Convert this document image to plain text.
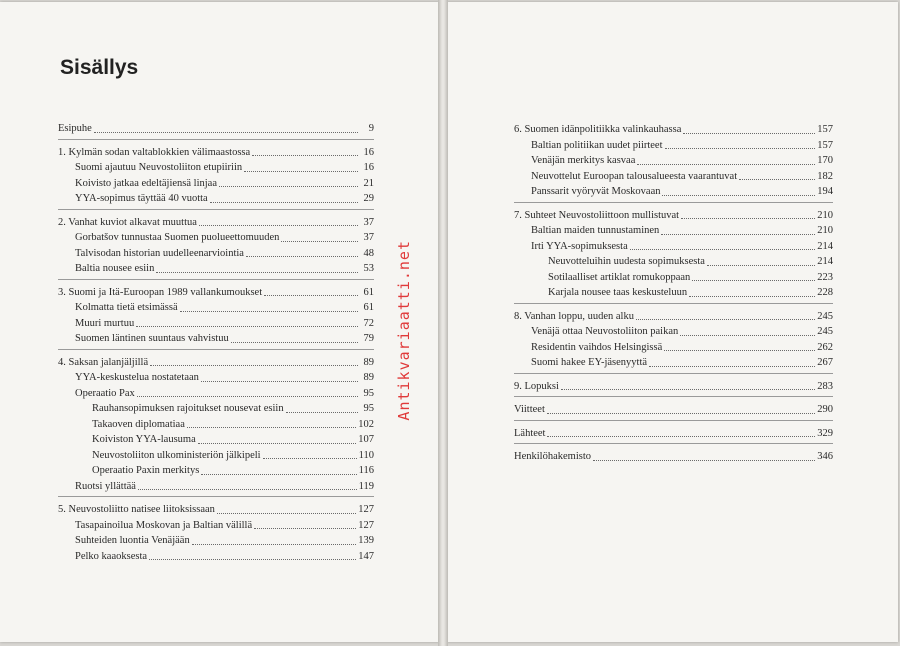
Sisällys
Esipuhe	9
1. Kylmän sodan valtablokkien välimaastossa	16
Suomi ajautuu Neuvostoliiton etupiiriin	16
Koivisto jatkaa edeltäjiensä linjaa	21
YYA-sopimus täyttää 40 vuotta	29
2. Vanhat kuviot alkavat muuttua	37
Gorbatšov tunnustaa Suomen puolueettomuuden	37
Talvisodan historian uudelleenarviointia	48
Baltia nousee esiin	53
3. Suomi ja Itä-Euroopan 1989 vallankumoukset	61
Kolmatta tietä etsimässä	61
Muuri murtuu	72
Suomen läntinen suuntaus vahvistuu	79
4. Saksan jalanjäljillä	89
YYA-keskustelua nostatetaan	89
Operaatio Pax	95
Rauhansopimuksen rajoitukset nousevat esiin	95
Takaoven diplomatiaa	102
Koiviston YYA-lausuma	107
Neuvostoliiton ulkoministeriön jälkipeli	110
Operaatio Paxin merkitys	116
Ruotsi yllättää	119
5. Neuvostoliitto natisee liitoksissaan	127
Tasapainoilua Moskovan ja Baltian välillä	127
Suhteiden luontia Venäjään	139
Pelko kaaoksesta	147
6. Suomen idänpolitiikka valinkauhassa	157
Baltian politiikan uudet piirteet	157
Venäjän merkitys kasvaa	170
Neuvottelut Euroopan talousalueesta vaarantuvat	182
Panssarit vyöryvät Moskovaan	194
7. Suhteet Neuvostoliittoon mullistuvat	210
Baltian maiden tunnustaminen	210
Irti YYA-sopimuksesta	214
Neuvotteluihin uudesta sopimuksesta	214
Sotilaalliset artiklat romukoppaan	223
Karjala nousee taas keskusteluun	228
8. Vanhan loppu, uuden alku	245
Venäjä ottaa Neuvostoliiton paikan	245
Residentin vaihdos Helsingissä	262
Suomi hakee EY-jäsenyyttä	267
9. Lopuksi	283
Viitteet	290
Lähteet	329
Henkilöhakemisto	346
Antikvariaatti.net
